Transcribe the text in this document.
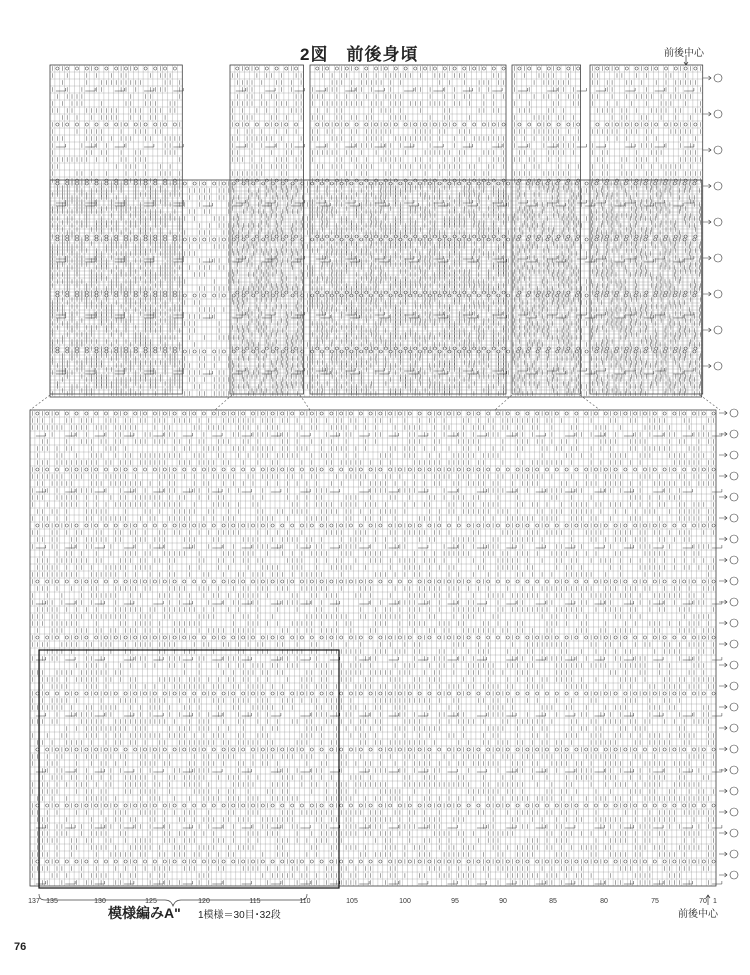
137 135	130	125	120	115	110	105	100	95	90	85	80	75	70 1
2図　前後身頃	前後中心
模様編みA" 1模様＝30目･32段	前後中心
76
